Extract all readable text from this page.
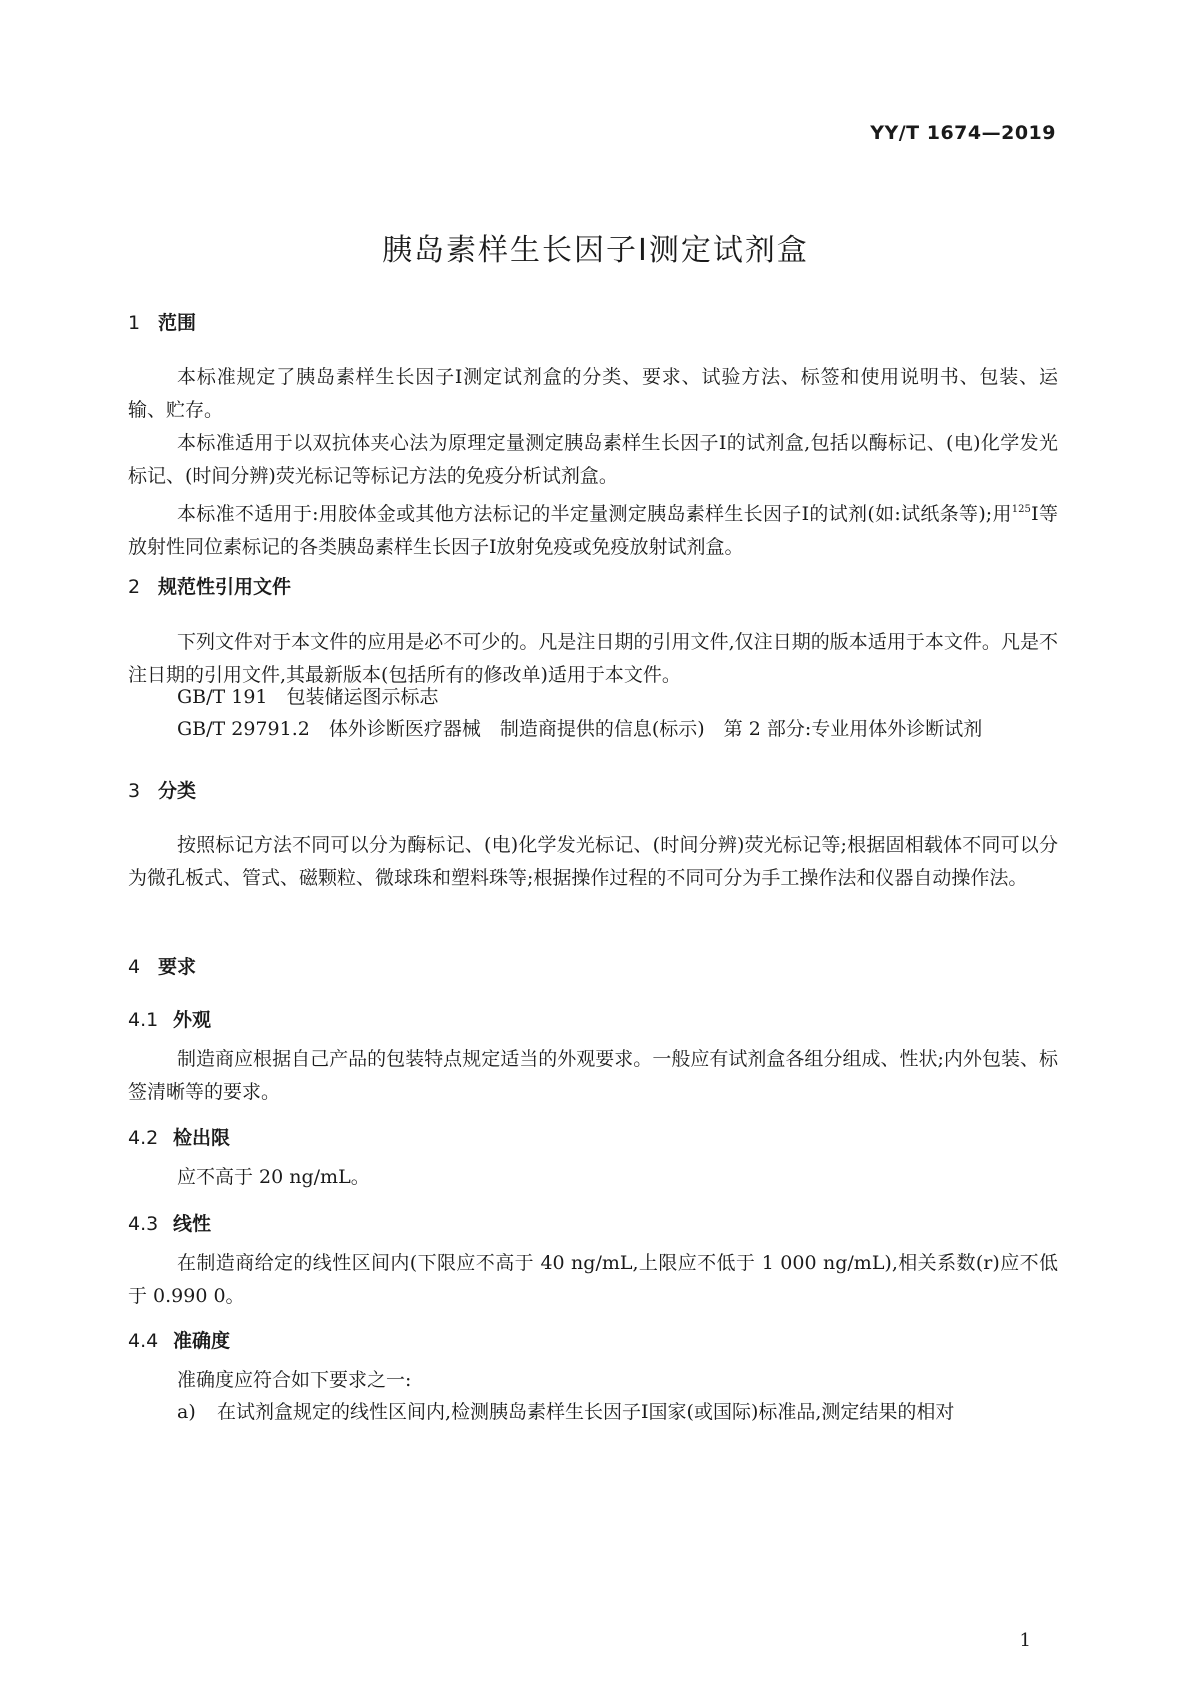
YY/T 1674—2019
胰岛素样生长因子Ⅰ测定试剂盒
1 范围
本标准规定了胰岛素样生长因子Ⅰ测定试剂盒的分类、要求、试验方法、标签和使用说明书、包装、运输、贮存。
本标准适用于以双抗体夹心法为原理定量测定胰岛素样生长因子Ⅰ的试剂盒,包括以酶标记、(电)化学发光标记、(时间分辨)荧光标记等标记方法的免疫分析试剂盒。
本标准不适用于:用胶体金或其他方法标记的半定量测定胰岛素样生长因子Ⅰ的试剂(如:试纸条等);用$^{125}$Ⅰ等放射性同位素标记的各类胰岛素样生长因子Ⅰ放射免疫或免疫放射试剂盒。
2 规范性引用文件
下列文件对于本文件的应用是必不可少的。凡是注日期的引用文件,仅注日期的版本适用于本文件。凡是不注日期的引用文件,其最新版本(包括所有的修改单)适用于本文件。
GB/T 191　包装储运图示标志
GB/T 29791.2　体外诊断医疗器械　制造商提供的信息(标示)　第 2 部分:专业用体外诊断试剂
3 分类
按照标记方法不同可以分为酶标记、(电)化学发光标记、(时间分辨)荧光标记等;根据固相载体不同可以分为微孔板式、管式、磁颗粒、微球珠和塑料珠等;根据操作过程的不同可分为手工操作法和仪器自动操作法。
4 要求
4.1 外观
制造商应根据自己产品的包装特点规定适当的外观要求。一般应有试剂盒各组分组成、性状;内外包装、标签清晰等的要求。
4.2 检出限
应不高于 20 ng/mL。
4.3 线性
在制造商给定的线性区间内(下限应不高于 40 ng/mL,上限应不低于 1 000 ng/mL),相关系数(r)应不低于 0.990 0。
4.4 准确度
准确度应符合如下要求之一:
a) 在试剂盒规定的线性区间内,检测胰岛素样生长因子Ⅰ国家(或国际)标准品,测定结果的相对
1
